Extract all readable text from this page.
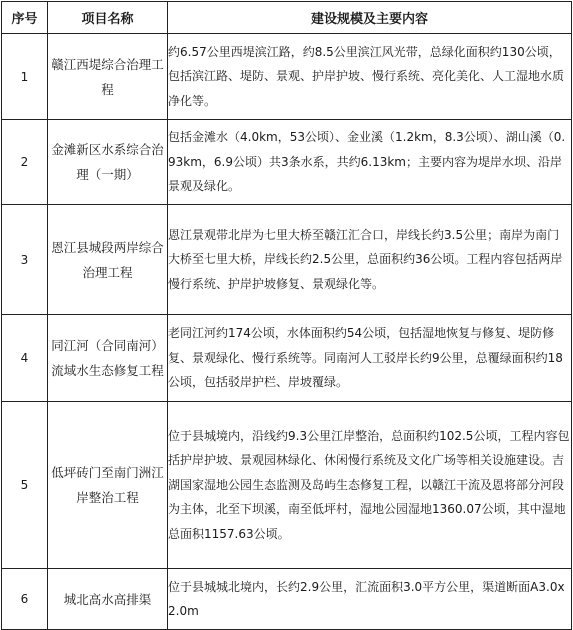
序号	项目名称	建设规模及主要内容
1	赣江西堤综合治理工程	约6.57公里西堤滨江路，约8.5公里滨江风光带，总绿化面积约130公顷，包括滨江路、堤防、景观、护岸护坡、慢行系统、亮化美化、人工湿地水质净化等。
2	金滩新区水系综合治理（一期）	包括金滩水（4.0km，53公顷）、金业溪（1.2km，8.3公顷）、湖山溪（0.93km，6.9公顷）共3条水系，共约6.13km；主要内容为堤岸水坝、沿岸景观及绿化。
3	恩江县城段两岸综合治理工程	恩江景观带北岸为七里大桥至赣江汇合口，岸线长约3.5公里；南岸为南门大桥至七里大桥，岸线长约2.5公里，总面积约36公顷。工程内容包括两岸慢行系统、护岸护坡修复、景观绿化等。
4	同江河（合同南河）流域水生态修复工程	老同江河约174公顷，水体面积约54公顷，包括湿地恢复与修复、堤防修复、景观绿化、慢行系统等。同南河人工驳岸长约9公里，总覆绿面积约18公顷，包括驳岸护栏、岸坡覆绿。
5	低坪砖门至南门洲江岸整治工程	位于县城境内，沿线约9.3公里江岸整治，总面积约102.5公顷，工程内容包括护岸护坡、景观园林绿化、休闲慢行系统及文化广场等相关设施建设。吉湖国家湿地公园生态监测及岛屿生态修复工程，以赣江干流及恩将部分河段为主体，北至下坝溪，南至低坪村，湿地公园湿地1360.07公顷，其中湿地总面积1157.63公顷。
6	城北高水高排渠	位于县城城北境内，长约2.9公里，汇流面积3.0平方公里，渠道断面A3.0x2.0m
